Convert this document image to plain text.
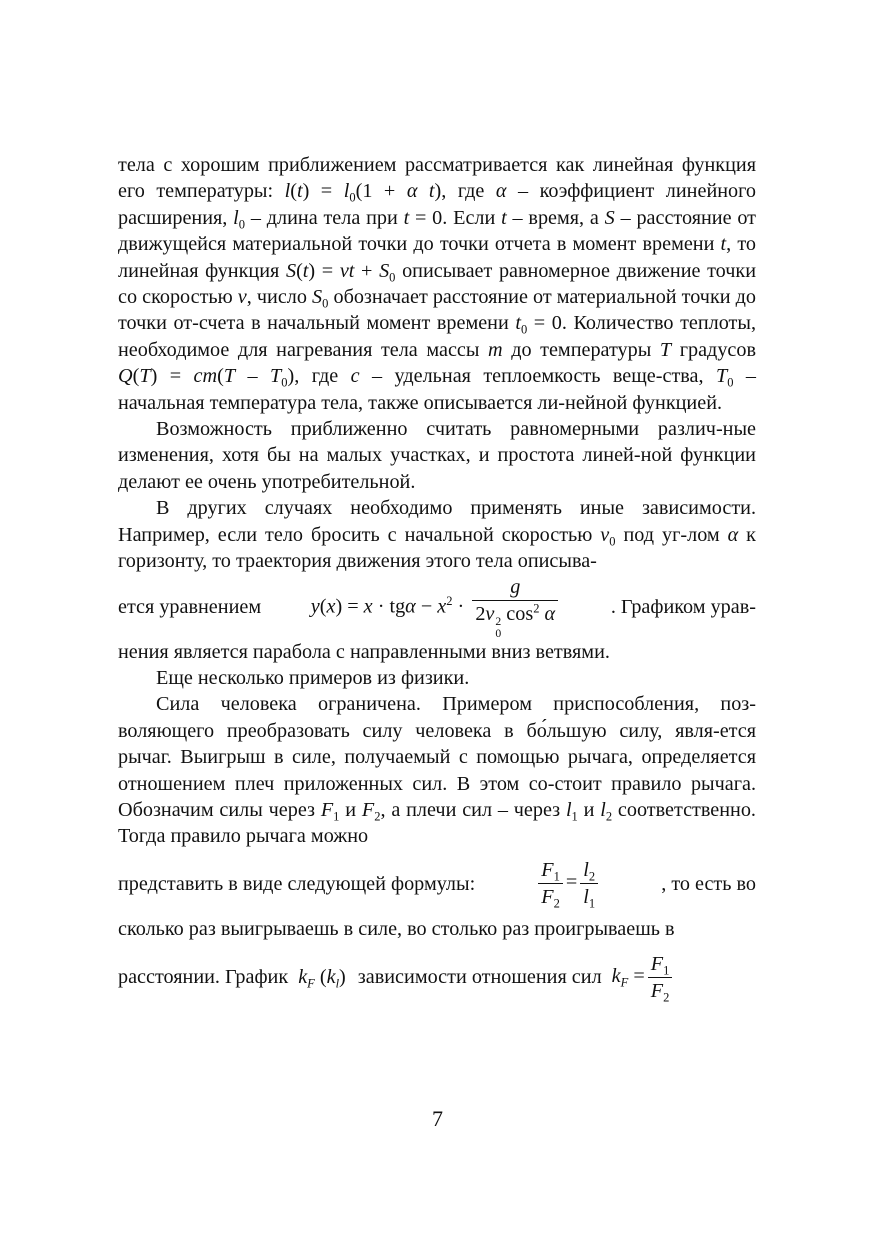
тела с хорошим приближением рассматривается как линейная функция его температуры: $l(t) = l_0(1 + \alpha$ t), где α – коэффициент линейного расширения, $l_0$ – длина тела при t = 0. Если t – время, а S – расстояние от движущейся материальной точки до точки отчета в момент времени t, то линейная функция S(t) = vt + $S_0$ описывает равномерное движение точки со скоростью v, число $S_0$ обозначает расстояние от материальной точки до точки от-счета в начальный момент времени $t_0 = 0$. Количество теплоты, необходимое для нагревания тела массы m до температуры T градусов $Q(T) = cm(T - T_0)$, где c – удельная теплоемкость веще-ства, $T_0$ – начальная температура тела, также описывается ли-нейной функцией.

Возможность приближенно считать равномерными различ-ные изменения, хотя бы на малых участках, и простота линей-ной функции делают ее очень употребительной.

В других случаях необходимо применять иные зависимости. Например, если тело бросить с начальной скоростью $v_0$ под уг-лом α к горизонту, то траектория движения этого тела описыва-

ется уравнением $y(x) = x \cdot tg\alpha - x^2 \cdot g$
2v 2
0
$\cos^2 \alpha$	. Графиком урав-

нения является парабола с направленными вниз ветвями.

Еще несколько примеров из физики.

Сила человека ограничена. Примером приспособления, поз-воляющего преобразовать силу человека в бо́льшую силу, явля-ется рычаг. Выигрыш в силе, получаемый с помощью рычага, определяется отношением плеч приложенных сил. В этом со-стоит правило рычага. Обозначим силы через $F_1$ и $F_2$, а плечи сил – через $l_1$ и $l_2$ соответственно. Тогда правило рычага можно

представить в виде следующей формулы:	$\frac{F_1}{F_2} = \frac{l_2}{l_1}$	, то есть во

сколько раз выигрываешь в силе, во столько раз проигрываешь в

расстоянии. График $k_F$ $(k_l)$ зависимости отношения сил $k_F = \frac{F_1}{F_2}$
7
